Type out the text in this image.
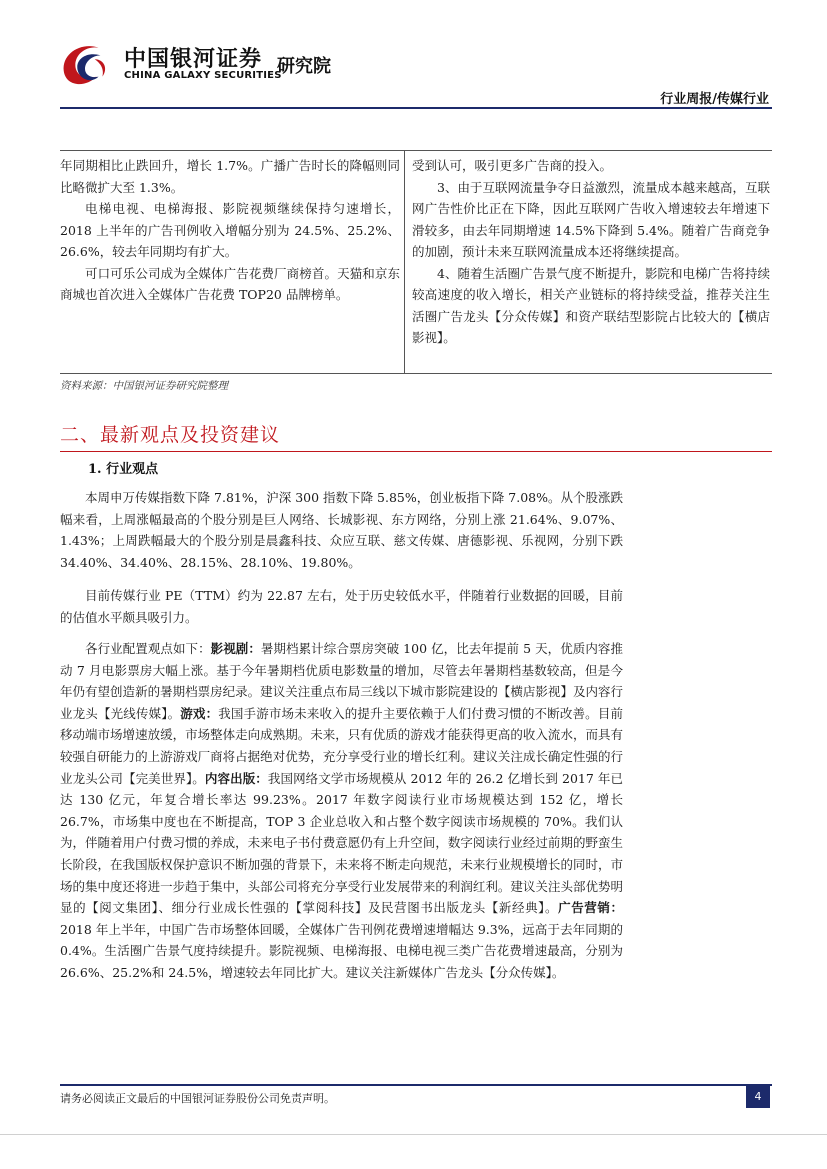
中国银河证券
CHINA GALAXY SECURITIES
研究院
行业周报/传媒行业

年同期相比止跌回升，增长 1.7%。广播广告时长的降幅则同比略微扩大至 1.3%。

电梯电视、电梯海报、影院视频继续保持匀速增长，2018 上半年的广告刊例收入增幅分别为 24.5%、25.2%、26.6%，较去年同期均有扩大。

可口可乐公司成为全媒体广告花费厂商榜首。天猫和京东商城也首次进入全媒体广告花费 TOP20 品牌榜单。

受到认可，吸引更多广告商的投入。

3、由于互联网流量争夺日益激烈，流量成本越来越高，互联网广告性价比正在下降，因此互联网广告收入增速较去年增速下滑较多，由去年同期增速 14.5%下降到 5.4%。随着广告商竞争的加剧，预计未来互联网流量成本还将继续提高。

4、随着生活圈广告景气度不断提升，影院和电梯广告将持续较高速度的收入增长，相关产业链标的将持续受益，推荐关注生活圈广告龙头【分众传媒】和资产联结型影院占比较大的【横店影视】。

资料来源：中国银河证券研究院整理
二、最新观点及投资建议
1. 行业观点

本周申万传媒指数下降 7.81%，沪深 300 指数下降 5.85%，创业板指下降 7.08%。从个股涨跌幅来看，上周涨幅最高的个股分别是巨人网络、长城影视、东方网络，分别上涨 21.64%、9.07%、1.43%；上周跌幅最大的个股分别是晨鑫科技、众应互联、慈文传媒、唐德影视、乐视网，分别下跌 34.40%、34.40%、28.15%、28.10%、19.80%。

目前传媒行业 PE（TTM）约为 22.87 左右，处于历史较低水平，伴随着行业数据的回暖，目前的估值水平颇具吸引力。

各行业配置观点如下：影视剧：暑期档累计综合票房突破 100 亿，比去年提前 5 天，优质内容推动 7 月电影票房大幅上涨。基于今年暑期档优质电影数量的增加，尽管去年暑期档基数较高，但是今年仍有望创造新的暑期档票房纪录。建议关注重点布局三线以下城市影院建设的【横店影视】及内容行业龙头【光线传媒】。游戏：我国手游市场未来收入的提升主要依赖于人们付费习惯的不断改善。目前移动端市场增速放缓，市场整体走向成熟期。未来，只有优质的游戏才能获得更高的收入流水，而具有较强自研能力的上游游戏厂商将占据绝对优势，充分享受行业的增长红利。建议关注成长确定性强的行业龙头公司【完美世界】。内容出版：我国网络文学市场规模从 2012 年的 26.2 亿增长到 2017 年已达 130 亿元，年复合增长率达 99.23%。2017 年数字阅读行业市场规模达到 152 亿，增长 26.7%，市场集中度也在不断提高，TOP 3 企业总收入和占整个数字阅读市场规模的 70%。我们认为，伴随着用户付费习惯的养成，未来电子书付费意愿仍有上升空间，数字阅读行业经过前期的野蛮生长阶段，在我国版权保护意识不断加强的背景下，未来将不断走向规范，未来行业规模增长的同时，市场的集中度还将进一步趋于集中，头部公司将充分享受行业发展带来的利润红利。建议关注头部优势明显的【阅文集团】、细分行业成长性强的【掌阅科技】及民营图书出版龙头【新经典】。广告营销：2018 年上半年，中国广告市场整体回暖，全媒体广告刊例花费增速增幅达 9.3%，远高于去年同期的 0.4%。生活圈广告景气度持续提升。影院视频、电梯海报、电梯电视三类广告花费增速最高，分别为 26.6%、25.2%和 24.5%，增速较去年同比扩大。建议关注新媒体广告龙头【分众传媒】。

请务必阅读正文最后的中国银河证券股份公司免责声明。	4
